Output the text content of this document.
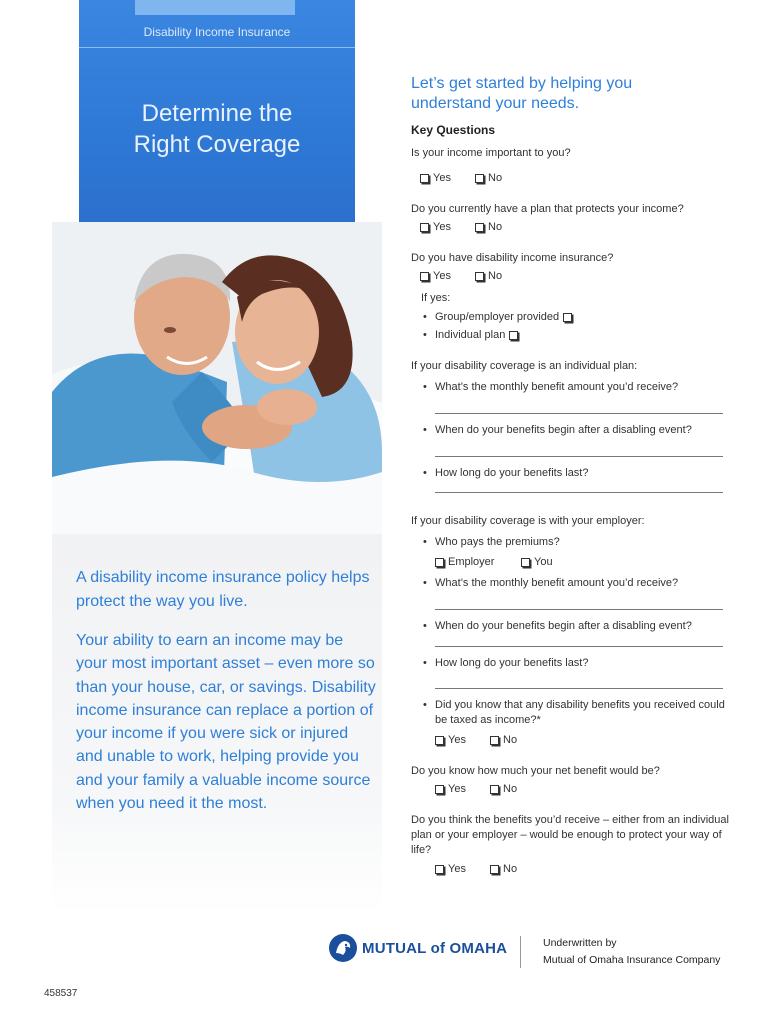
Disability Income Insurance
Determine the
Right Coverage
A disability income insurance policy helps protect the way you live.
Your ability to earn an income may be your most important asset – even more so than your house, car, or savings. Disability income insurance can replace a portion of your income if you were sick or injured and unable to work, helping provide you and your family a valuable income source when you need it the most.
Let’s get started by helping you understand your needs.
Key Questions
Is your income important to you?
Yes	No
Do you currently have a plan that protects your income?
Yes	No
Do you have disability income insurance?
Yes	No
If yes:
• Group/employer provided
• Individual plan
If your disability coverage is an individual plan:
• What’s the monthly benefit amount you’d receive?
• When do your benefits begin after a disabling event?
• How long do your benefits last?
If your disability coverage is with your employer:
• Who pays the premiums?
Employer	You
• What’s the monthly benefit amount you’d receive?
• When do your benefits begin after a disabling event?
• How long do your benefits last?
• Did you know that any disability benefits you received could be taxed as income?*
Yes	No
Do you know how much your net benefit would be?
Yes	No
Do you think the benefits you’d receive – either from an individual plan or your employer – would be enough to protect your way of life?
Yes	No
MUTUAL of OMAHA	Underwritten by
Mutual of Omaha Insurance Company
458537
